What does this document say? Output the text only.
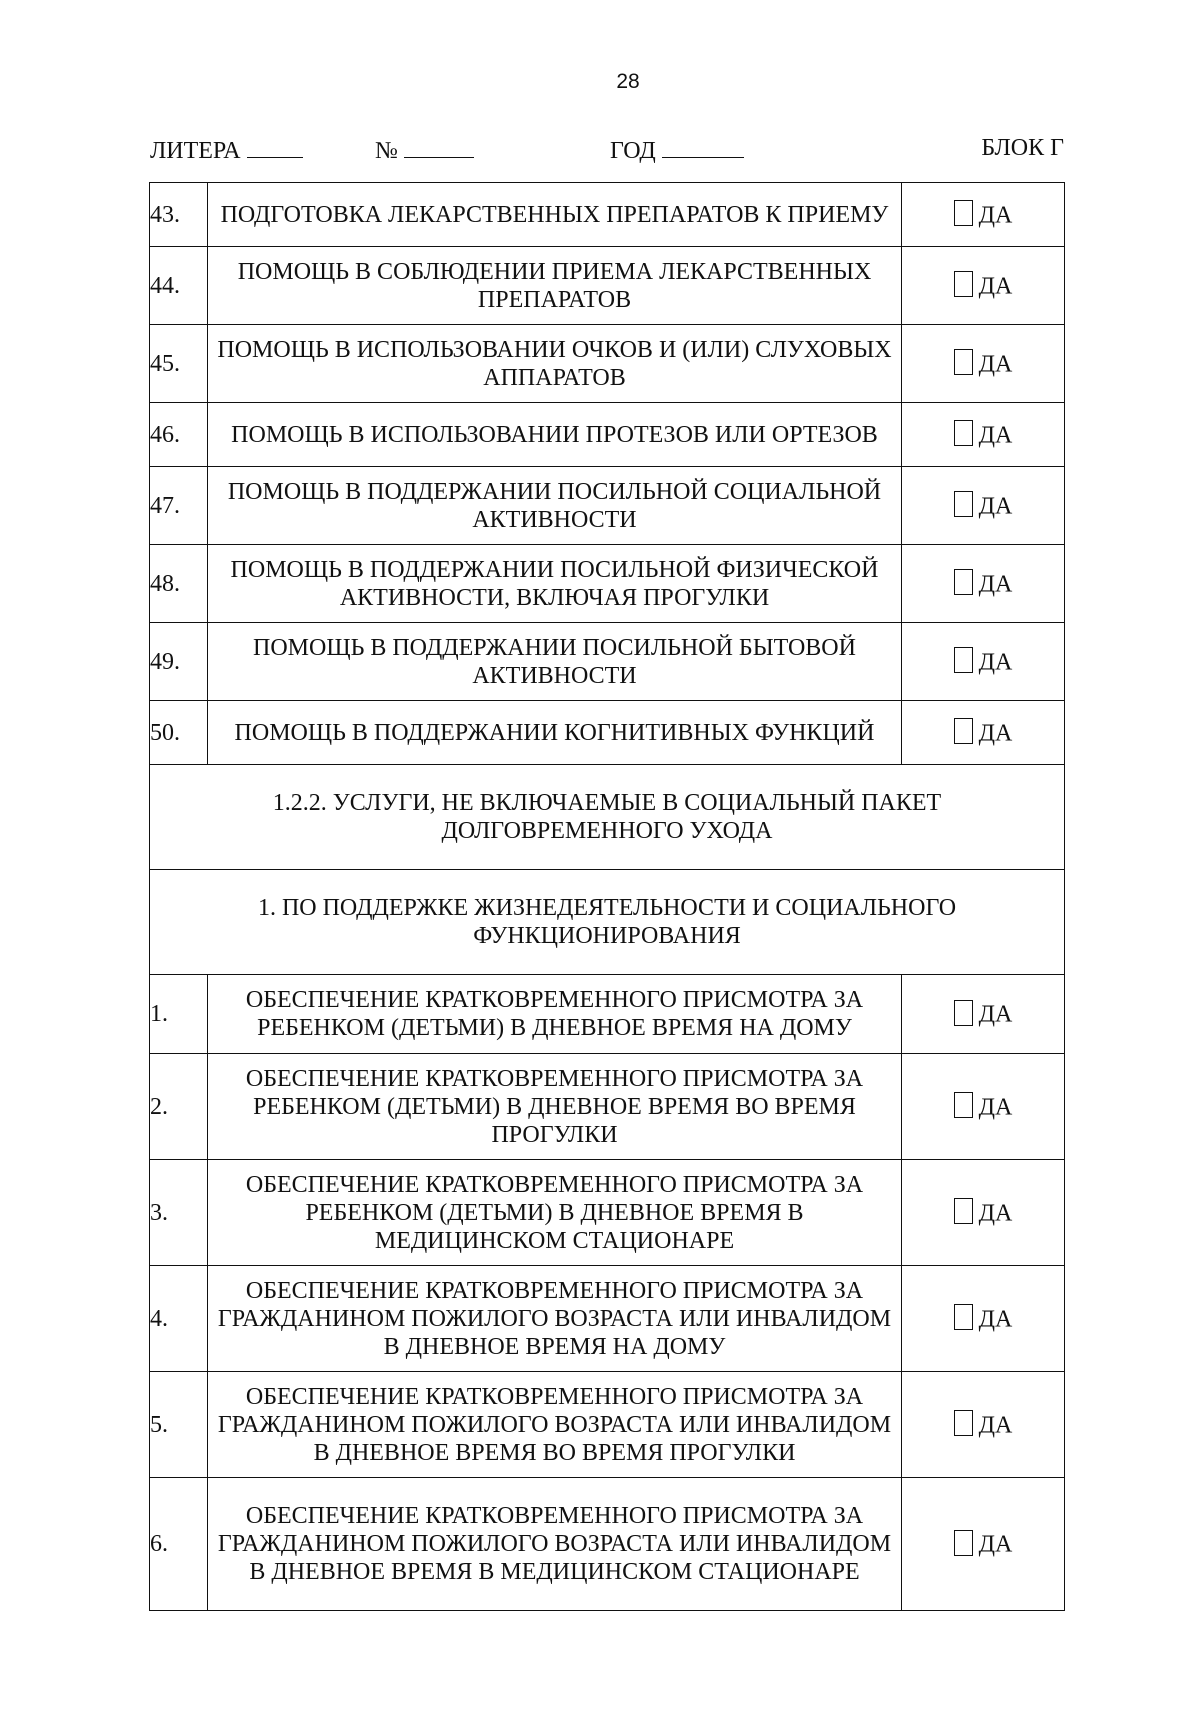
28
ЛИТЕРА	№	ГОД	БЛОК Г
43.	ПОДГОТОВКА ЛЕКАРСТВЕННЫХ ПРЕПАРАТОВ К ПРИЕМУ	ДА
44.	ПОМОЩЬ В СОБЛЮДЕНИИ ПРИЕМА ЛЕКАРСТВЕННЫХ ПРЕПАРАТОВ	ДА
45.	ПОМОЩЬ В ИСПОЛЬЗОВАНИИ ОЧКОВ И (ИЛИ) СЛУХОВЫХ АППАРАТОВ	ДА
46.	ПОМОЩЬ В ИСПОЛЬЗОВАНИИ ПРОТЕЗОВ ИЛИ ОРТЕЗОВ	ДА
47.	ПОМОЩЬ В ПОДДЕРЖАНИИ ПОСИЛЬНОЙ СОЦИАЛЬНОЙ АКТИВНОСТИ	ДА
48.	ПОМОЩЬ В ПОДДЕРЖАНИИ ПОСИЛЬНОЙ ФИЗИЧЕСКОЙ АКТИВНОСТИ, ВКЛЮЧАЯ ПРОГУЛКИ	ДА
49.	ПОМОЩЬ В ПОДДЕРЖАНИИ ПОСИЛЬНОЙ БЫТОВОЙ АКТИВНОСТИ	ДА
50.	ПОМОЩЬ В ПОДДЕРЖАНИИ КОГНИТИВНЫХ ФУНКЦИЙ	ДА
1.2.2. УСЛУГИ, НЕ ВКЛЮЧАЕМЫЕ В СОЦИАЛЬНЫЙ ПАКЕТ ДОЛГОВРЕМЕННОГО УХОДА		
1. ПО ПОДДЕРЖКЕ ЖИЗНЕДЕЯТЕЛЬНОСТИ И СОЦИАЛЬНОГО ФУНКЦИОНИРОВАНИЯ		
1.	ОБЕСПЕЧЕНИЕ КРАТКОВРЕМЕННОГО ПРИСМОТРА ЗА РЕБЕНКОМ (ДЕТЬМИ) В ДНЕВНОЕ ВРЕМЯ НА ДОМУ	ДА
2.	ОБЕСПЕЧЕНИЕ КРАТКОВРЕМЕННОГО ПРИСМОТРА ЗА РЕБЕНКОМ (ДЕТЬМИ) В ДНЕВНОЕ ВРЕМЯ ВО ВРЕМЯ ПРОГУЛКИ	ДА
3.	ОБЕСПЕЧЕНИЕ КРАТКОВРЕМЕННОГО ПРИСМОТРА ЗА РЕБЕНКОМ (ДЕТЬМИ) В ДНЕВНОЕ ВРЕМЯ В МЕДИЦИНСКОМ СТАЦИОНАРЕ	ДА
4.	ОБЕСПЕЧЕНИЕ КРАТКОВРЕМЕННОГО ПРИСМОТРА ЗА ГРАЖДАНИНОМ ПОЖИЛОГО ВОЗРАСТА ИЛИ ИНВАЛИДОМ В ДНЕВНОЕ ВРЕМЯ НА ДОМУ	ДА
5.	ОБЕСПЕЧЕНИЕ КРАТКОВРЕМЕННОГО ПРИСМОТРА ЗА ГРАЖДАНИНОМ ПОЖИЛОГО ВОЗРАСТА ИЛИ ИНВАЛИДОМ В ДНЕВНОЕ ВРЕМЯ ВО ВРЕМЯ ПРОГУЛКИ	ДА
6.	ОБЕСПЕЧЕНИЕ КРАТКОВРЕМЕННОГО ПРИСМОТРА ЗА ГРАЖДАНИНОМ ПОЖИЛОГО ВОЗРАСТА ИЛИ ИНВАЛИДОМ В ДНЕВНОЕ ВРЕМЯ В МЕДИЦИНСКОМ СТАЦИОНАРЕ	ДА
